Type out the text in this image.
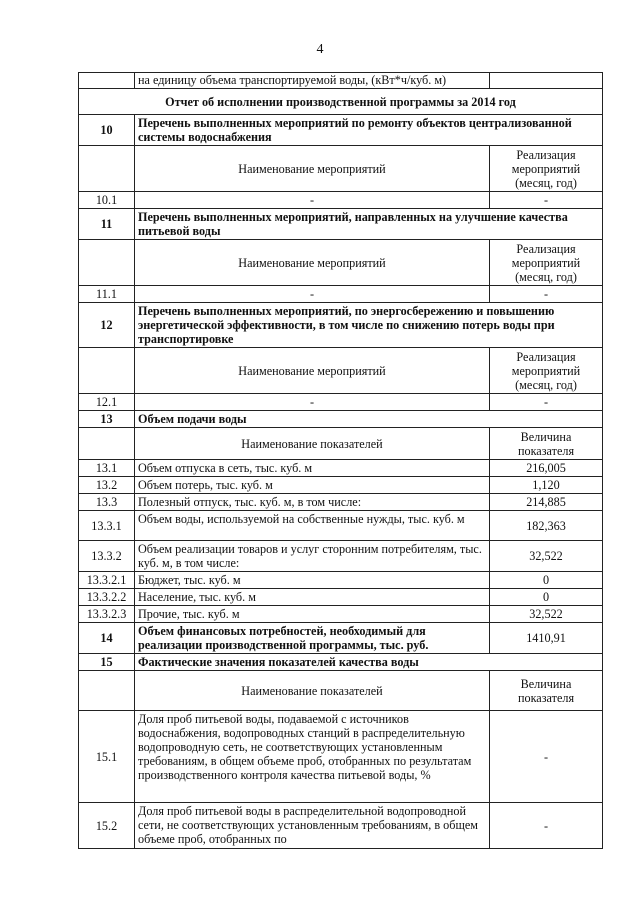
4
	на единицу объема транспортируемой воды, (кВт*ч/куб. м)	
Отчет об исполнении производственной программы за 2014 год		
10	Перечень выполненных мероприятий по ремонту объектов централизованной системы водоснабжения	
	Наименование мероприятий	Реализация мероприятий (месяц, год)
10.1	-	-
11	Перечень выполненных мероприятий, направленных на улучшение качества питьевой воды	
	Наименование мероприятий	Реализация мероприятий (месяц, год)
11.1	-	-
12	Перечень выполненных мероприятий, по энергосбережению и повышению энергетической эффективности, в том числе по снижению потерь воды при транспортировке	
	Наименование мероприятий	Реализация мероприятий (месяц, год)
12.1	-	-
13	Объем подачи воды	
	Наименование показателей	Величина показателя
13.1	Объем отпуска в сеть, тыс. куб. м	216,005
13.2	Объем потерь, тыс. куб. м	1,120
13.3	Полезный отпуск, тыс. куб. м, в том числе:	214,885
13.3.1	Объем воды, используемой на собственные нужды, тыс. куб. м	182,363
13.3.2	Объем реализации товаров и услуг сторонним потребителям, тыс. куб. м, в том числе:	32,522
13.3.2.1	Бюджет, тыс. куб. м	0
13.3.2.2	Население, тыс. куб. м	0
13.3.2.3	Прочие, тыс. куб. м	32,522
14	Объем финансовых потребностей, необходимый для реализации производственной программы, тыс. руб.	1410,91
15	Фактические значения показателей качества воды	
	Наименование показателей	Величина показателя
15.1	Доля проб питьевой воды, подаваемой с источников водоснабжения, водопроводных станций в распределительную водопроводную сеть, не соответствующих установленным требованиям, в общем объеме проб, отобранных по результатам производственного контроля качества питьевой воды, %	-
15.2	Доля проб питьевой воды в распределительной водопроводной сети, не соответствующих установленным требованиям, в общем объеме проб, отобранных по	-
